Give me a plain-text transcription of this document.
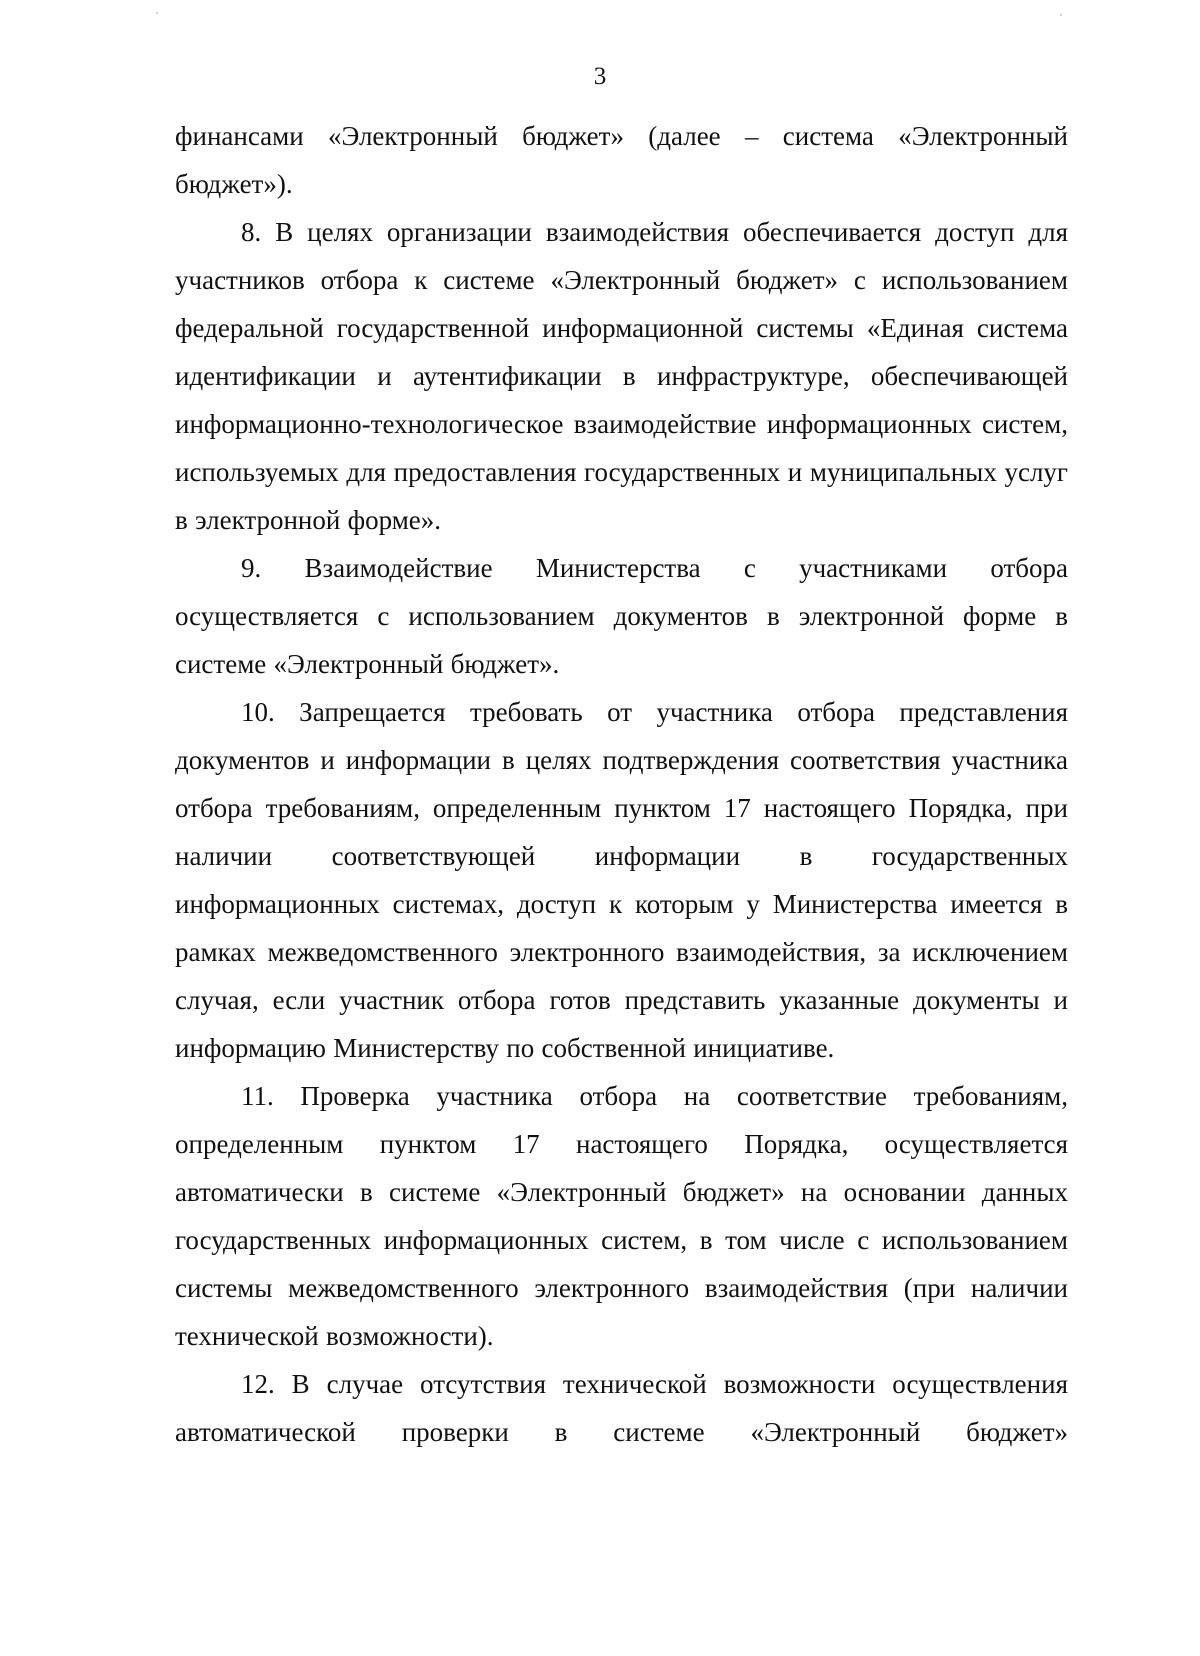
3

финансами «Электронный бюджет» (далее – система «Электронный бюджет»).

8. В целях организации взаимодействия обеспечивается доступ для участников отбора к системе «Электронный бюджет» с использованием федеральной государственной информационной системы «Единая система идентификации и аутентификации в инфраструктуре, обеспечивающей информационно-технологическое взаимодействие информационных систем, используемых для предоставления государственных и муниципальных услуг в электронной форме».

9. Взаимодействие Министерства с участниками отбора осуществляется с использованием документов в электронной форме в системе «Электронный бюджет».

10. Запрещается требовать от участника отбора представления документов и информации в целях подтверждения соответствия участника отбора требованиям, определенным пунктом 17 настоящего Порядка, при наличии соответствующей информации в государственных информационных системах, доступ к которым у Министерства имеется в рамках межведомственного электронного взаимодействия, за исключением случая, если участник отбора готов представить указанные документы и информацию Министерству по собственной инициативе.

11. Проверка участника отбора на соответствие требованиям, определенным пунктом 17 настоящего Порядка, осуществляется автоматически в системе «Электронный бюджет» на основании данных государственных информационных систем, в том числе с использованием системы межведомственного электронного взаимодействия (при наличии технической возможности).

12. В случае отсутствия технической возможности осуществления автоматической проверки в системе «Электронный бюджет»
